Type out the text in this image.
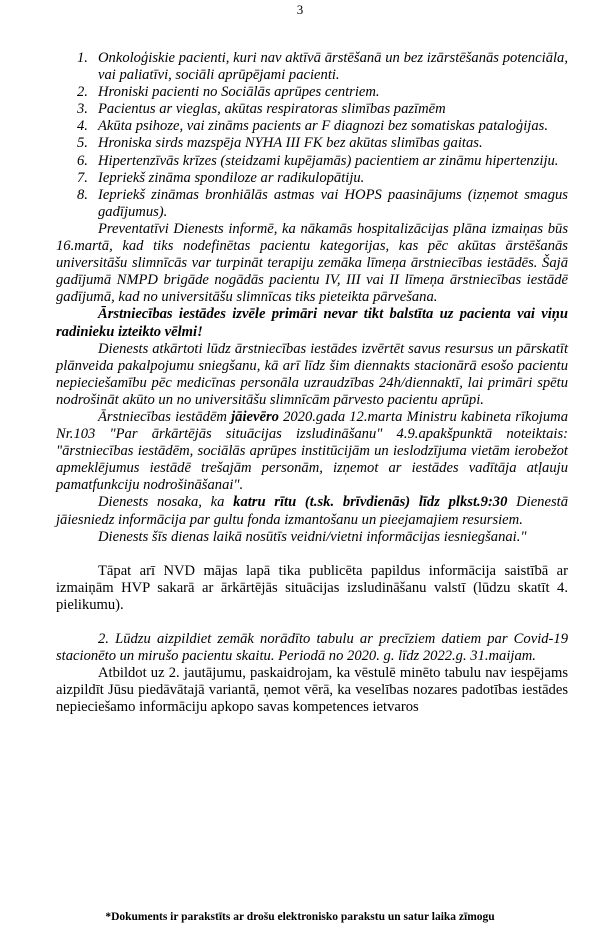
3
1. Onkoloģiskie pacienti, kuri nav aktīvā ārstēšanā un bez izārstēšanās potenciāla, vai paliatīvi, sociāli aprūpējami pacienti.
2. Hroniski pacienti no Sociālās aprūpes centriem.
3. Pacientus ar vieglas, akūtas respiratoras slimības pazīmēm
4. Akūta psihoze, vai zināms pacients ar F diagnozi bez somatiskas pataloģijas.
5. Hroniska sirds mazspēja NYHA III FK bez akūtas slimības gaitas.
6. Hipertenzīvās krīzes (steidzami kupējamās) pacientiem ar zināmu hipertenziju.
7. Iepriekš zināma spondiloze ar radikulopātiju.
8. Iepriekš zināmas bronhiālās astmas vai HOPS paasinājums (izņemot smagus gadījumus).

Preventatīvi Dienests informē, ka nākamās hospitalizācijas plāna izmaiņas būs 16.martā, kad tiks nodefinētas pacientu kategorijas, kas pēc akūtas ārstēšanās universitāšu slimnīcās var turpināt terapiju zemāka līmeņa ārstniecības iestādēs. Šajā gadījumā NMPD brigāde nogādās pacientu IV, III vai II līmeņa ārstniecības iestādē gadījumā, kad no universitāšu slimnīcas tiks pieteikta pārvešana.

Ārstniecības iestādes izvēle primāri nevar tikt balstīta uz pacienta vai viņu radinieku izteikto vēlmi!

Dienests atkārtoti lūdz ārstniecības iestādes izvērtēt savus resursus un pārskatīt plānveida pakalpojumu sniegšanu, kā arī līdz šim diennakts stacionārā esošo pacientu nepieciešamību pēc medicīnas personāla uzraudzības 24h/diennaktī, lai primāri spētu nodrošināt akūto un no universitāšu slimnīcām pārvesto pacientu aprūpi.

Ārstniecības iestādēm jāievēro 2020.gada 12.marta Ministru kabineta rīkojuma Nr.103 "Par ārkārtējās situācijas izsludināšanu" 4.9.apakšpunktā noteiktais: "ārstniecības iestādēm, sociālās aprūpes institūcijām un ieslodzījuma vietām ierobežot apmeklējumus iestādē trešajām personām, izņemot ar iestādes vadītāja atļauju pamatfunkciju nodrošināšanai".

Dienests nosaka, ka katru rītu (t.sk. brīvdienās) līdz plkst.9:30 Dienestā jāiesniedz informācija par gultu fonda izmantošanu un pieejamajiem resursiem.

Dienests šīs dienas laikā nosūtīs veidni/vietni informācijas iesniegšanai."

Tāpat arī NVD mājas lapā tika publicēta papildus informācija saistībā ar izmaiņām HVP sakarā ar ārkārtējās situācijas izsludināšanu valstī (lūdzu skatīt 4. pielikumu).

2. Lūdzu aizpildiet zemāk norādīto tabulu ar precīziem datiem par Covid-19 stacionēto un mirušo pacientu skaitu. Periodā no 2020. g. līdz 2022.g. 31.maijam.

Atbildot uz 2. jautājumu, paskaidrojam, ka vēstulē minēto tabulu nav iespējams aizpildīt Jūsu piedāvātajā variantā, ņemot vērā, ka veselības nozares padotības iestādes nepieciešamo informāciju apkopo savas kompetences ietvaros

*Dokuments ir parakstīts ar drošu elektronisko parakstu un satur laika zīmogu
